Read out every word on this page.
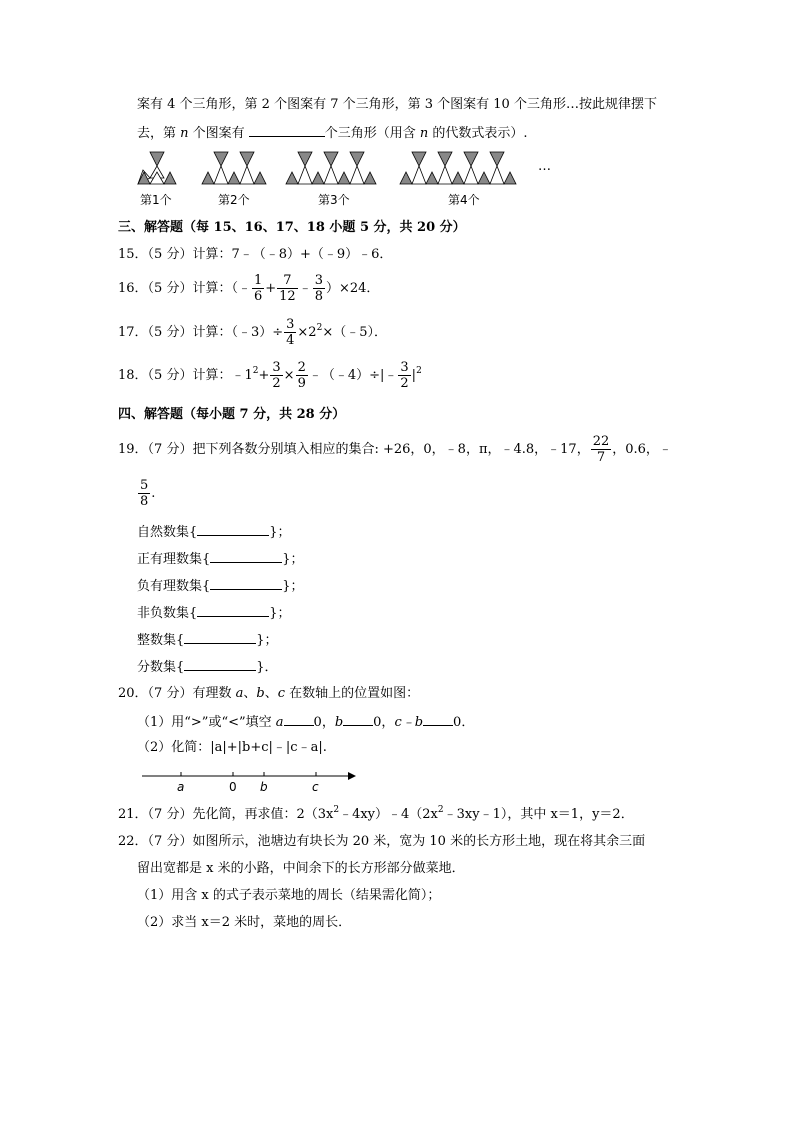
案有 4 个三角形，第 2 个图案有 7 个三角形，第 3 个图案有 10 个三角形…按此规律摆下
去，第 n 个图案有	个三角形（用含 n 的代数式表示）.
第1个	第2个	第3个	第4个
…
三、解答题（每 15、16、17、18 小题 5 分，共 20 分）
15．（5 分）计算：7﹣（﹣8）+（﹣9）﹣6．
16．（5 分）计算：（﹣ $\frac{1}{6} + \frac{7}{12}$ ﹣ $\frac{3}{8} )\times 24$．
17．（5 分）计算：（﹣3）÷ $\frac{3}{4}$ $\times 2^2\times(﹣5)$．
18．（5 分）计算：$﹣1^2+ \frac{3}{2} \times \frac{2}{9}$ ﹣（﹣4）÷|﹣ $\frac{3}{2} |^2$
四、解答题（每小题 7 分，共 28 分）
19．（7 分）把下列各数分别填入相应的集合: +26，0，﹣8，π，﹣4.8，﹣17， $\frac{22}{7}$ ，0.6，﹣
$\frac{5}{8}$ .
自然数集{	}；
正有理数集{	}；
负有理数集{	}；
非负数集{	}；
整数集{	}；
分数集{	}．
20．（7 分）有理数 a、b、c 在数轴上的位置如图：
（1）用“>”或“<”填空 a 0，b 0，c﹣b 0．
（2）化简：|a|+|b+c|﹣|c﹣a|.
a	0 b	c
21．（7 分）先化简，再求值：$2(3x^2﹣4xy)﹣4(2x^2﹣3xy﹣1)$，其中 x＝1，y＝2．
22．（7 分）如图所示，池塘边有块长为 20 米，宽为 10 米的长方形土地，现在将其余三面
留出宽都是 x 米的小路，中间余下的长方形部分做菜地．
（1）用含 x 的式子表示菜地的周长（结果需化简）；
（2）求当 x＝2 米时，菜地的周长．
